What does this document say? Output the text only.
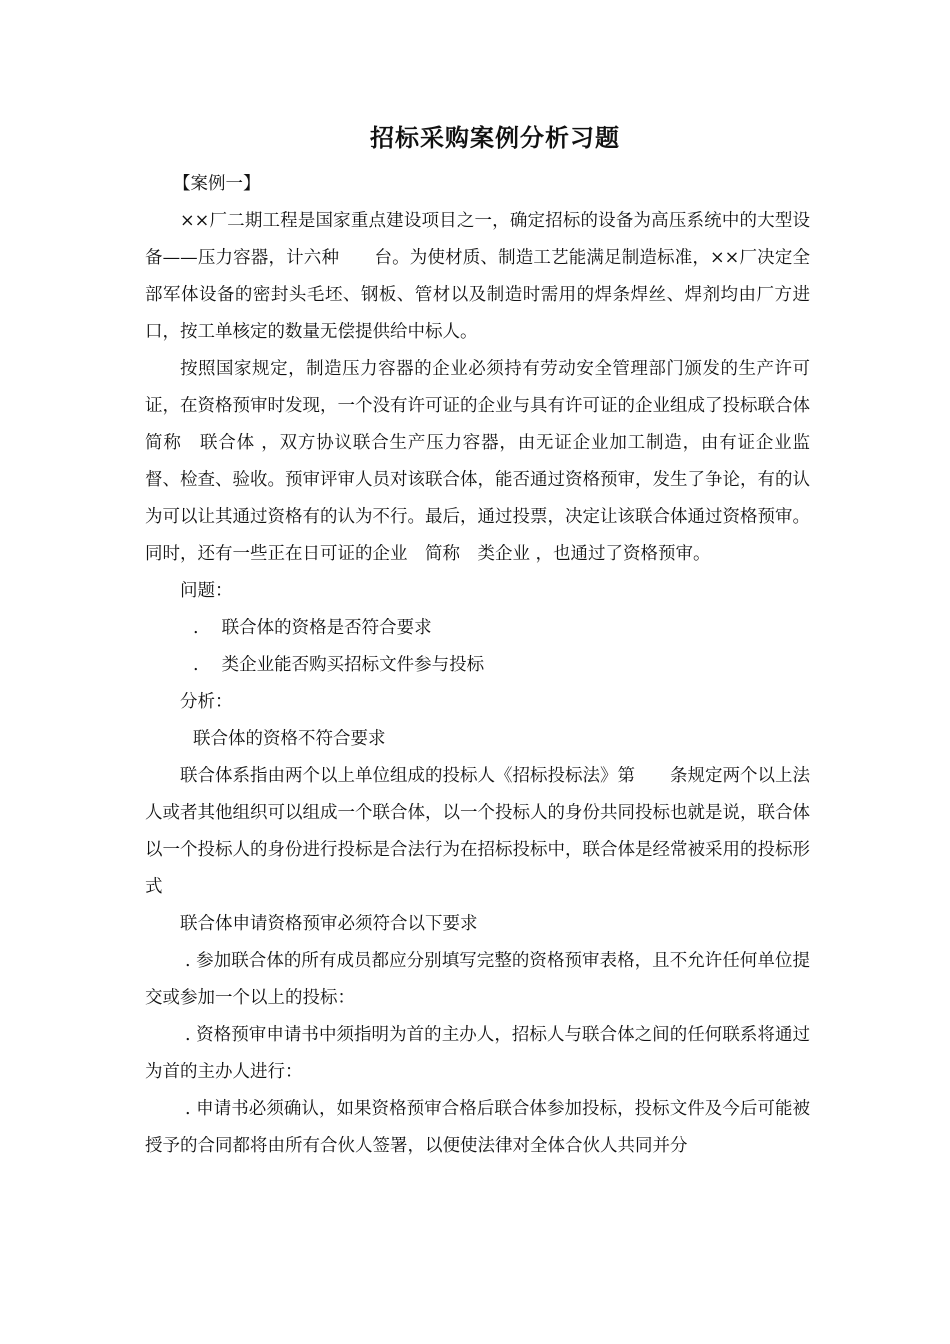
招标采购案例分析习题

【案例一】

××厂二期工程是国家重点建设项目之一，确定招标的设备为高压系统中的大型设备——压力容器，计六种　　台。为使材质、制造工艺能满足制造标准，××厂决定全部军体设备的密封头毛坯、钢板、管材以及制造时需用的焊条焊丝、焊剂均由厂方进口，按工单核定的数量无偿提供给中标人。

按照国家规定，制造压力容器的企业必须持有劳动安全管理部门颁发的生产许可证，在资格预审时发现，一个没有许可证的企业与具有许可证的企业组成了投标联合体 简称　联合体 ，双方协议联合生产压力容器，由无证企业加工制造，由有证企业监督、检查、验收。预审评审人员对该联合体，能否通过资格预审，发生了争论，有的认为可以让其通过资格有的认为不行。最后，通过投票，决定让该联合体通过资格预审。同时，还有一些正在日可证的企业　简称　类企业 ，也通过了资格预审。

问题：

.　 联合体的资格是否符合要求

.　 类企业能否购买招标文件参与投标

分析：

联合体的资格不符合要求

联合体系指由两个以上单位组成的投标人《招标投标法》第　　条规定两个以上法人或者其他组织可以组成一个联合体，以一个投标人的身份共同投标也就是说，联合体以一个投标人的身份进行投标是合法行为在招标投标中，联合体是经常被采用的投标形式

联合体申请资格预审必须符合以下要求

. 参加联合体的所有成员都应分别填写完整的资格预审表格，且不允许任何单位提交或参加一个以上的投标：

. 资格预审申请书中须指明为首的主办人，招标人与联合体之间的任何联系将通过为首的主办人进行：

. 申请书必须确认，如果资格预审合格后联合体参加投标，投标文件及今后可能被授予的合同都将由所有合伙人签署，以便使法律对全体合伙人共同并分
